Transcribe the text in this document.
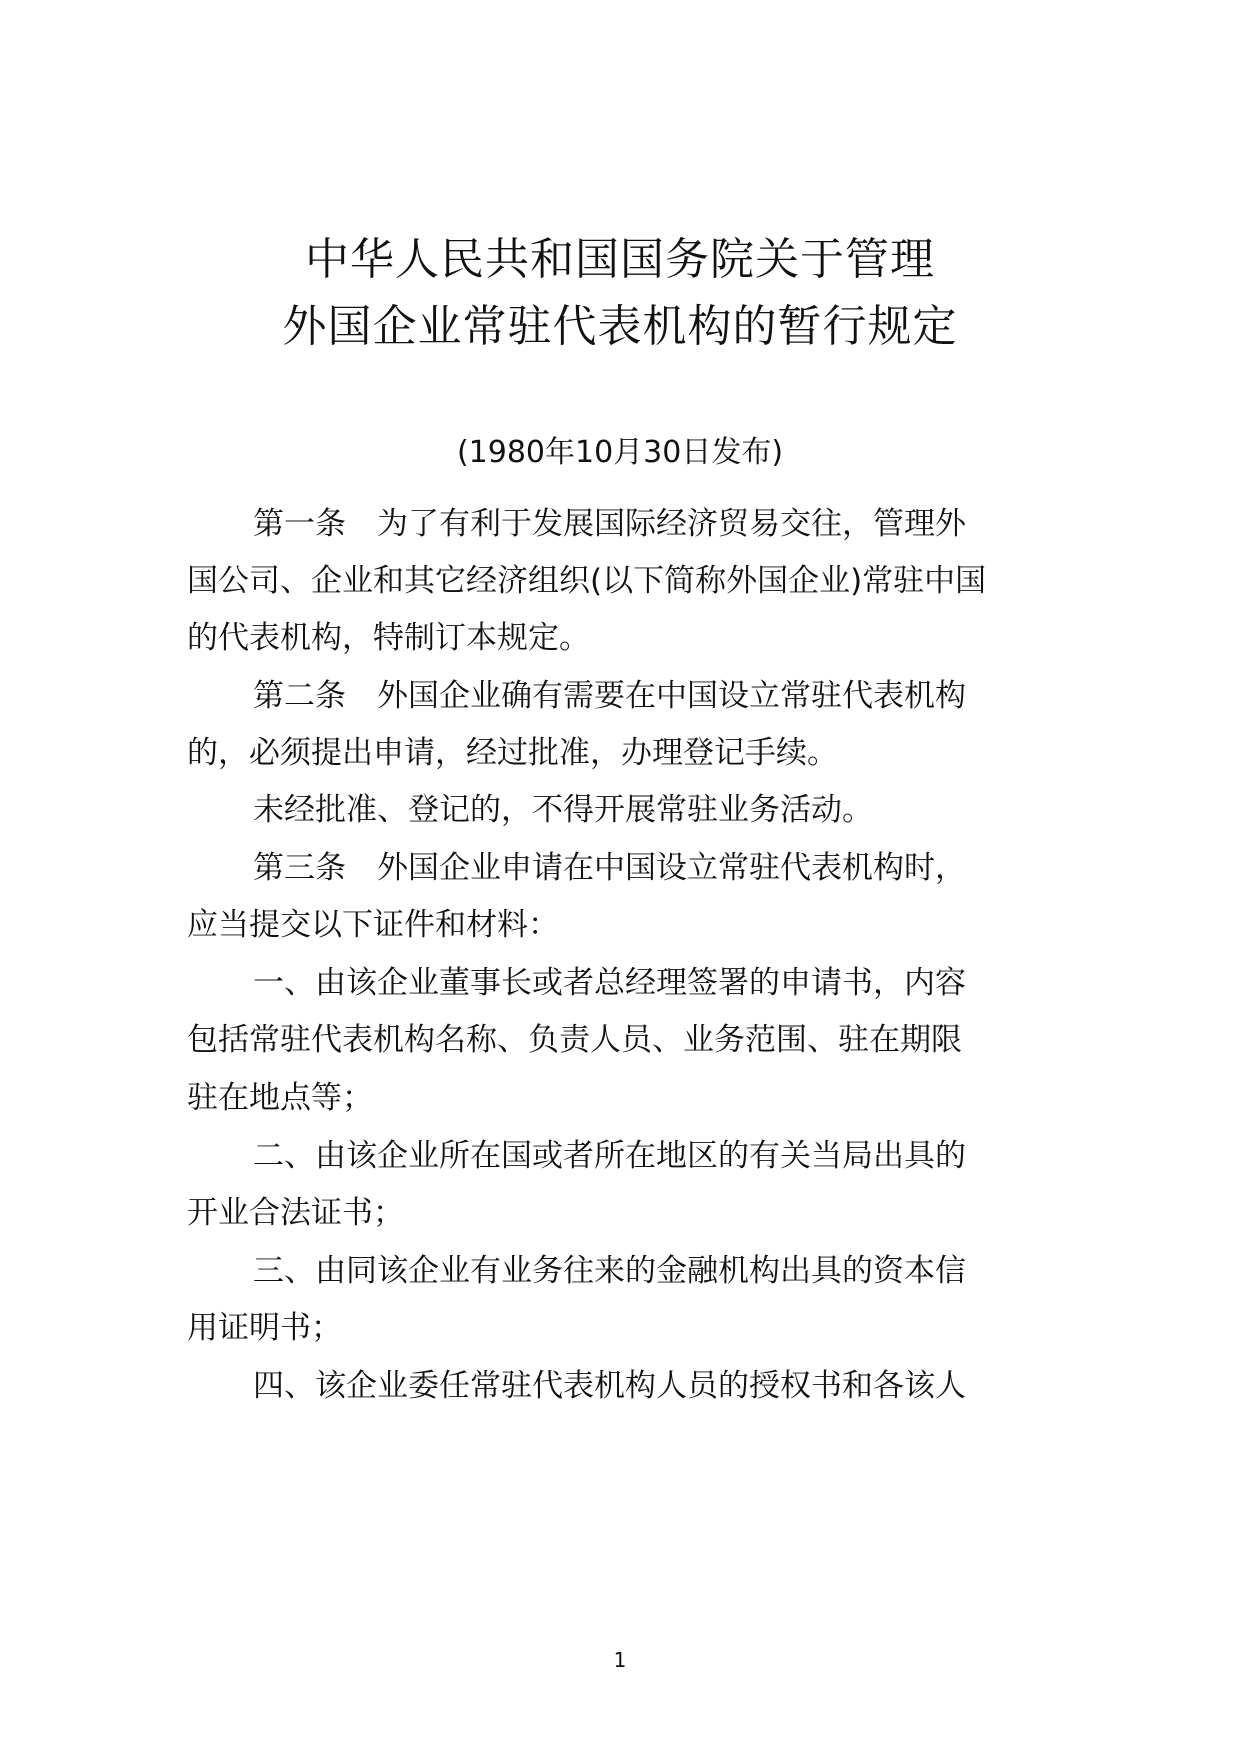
中华人民共和国国务院关于管理
外国企业常驻代表机构的暂行规定
(1980年10月30日发布)
第一条　为了有利于发展国际经济贸易交往，管理外
国公司、企业和其它经济组织(以下简称外国企业)常驻中国
的代表机构，特制订本规定。
第二条　外国企业确有需要在中国设立常驻代表机构
的，必须提出申请，经过批准，办理登记手续。
未经批准、登记的，不得开展常驻业务活动。
第三条　外国企业申请在中国设立常驻代表机构时，
应当提交以下证件和材料：
一、由该企业董事长或者总经理签署的申请书，内容
包括常驻代表机构名称、负责人员、业务范围、驻在期限
驻在地点等；
二、由该企业所在国或者所在地区的有关当局出具的
开业合法证书；
三、由同该企业有业务往来的金融机构出具的资本信
用证明书；
四、该企业委任常驻代表机构人员的授权书和各该人
1
